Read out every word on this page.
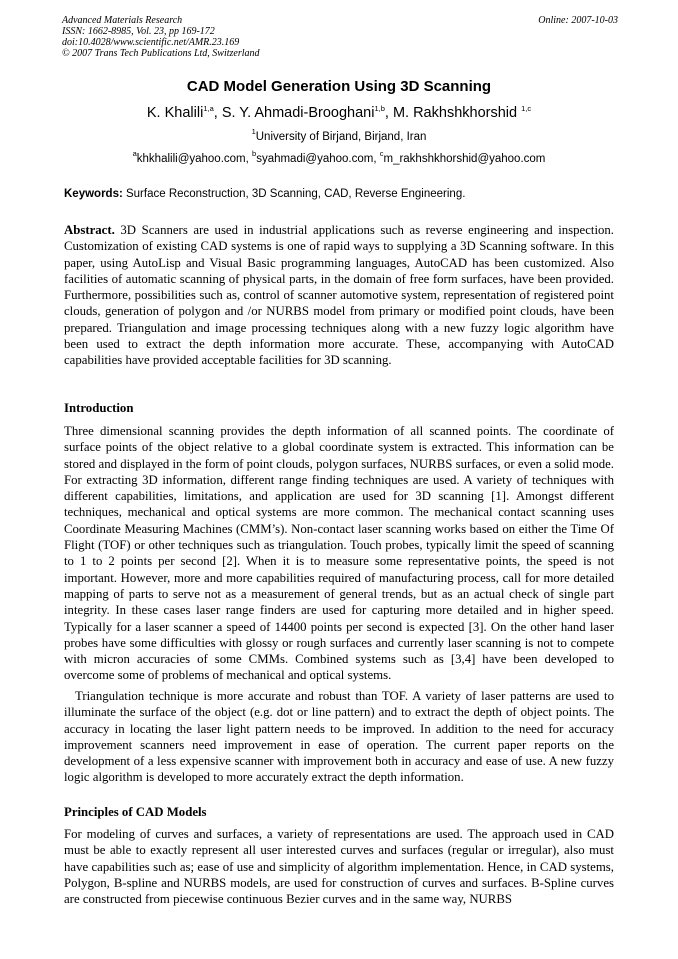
Advanced Materials Research
ISSN: 1662-8985, Vol. 23, pp 169-172
doi:10.4028/www.scientific.net/AMR.23.169
© 2007 Trans Tech Publications Ltd, Switzerland
Online: 2007-10-03
CAD Model Generation Using 3D Scanning
K. Khalili$^{1,a}$, S. Y. Ahmadi-Brooghani$^{1,b}$, M. Rakhshkhorshid $^{1,c}$
$^1$University of Birjand, Birjand, Iran
$^a$khkhalili@yahoo.com, $^b$syahmadi@yahoo.com, $^c$m_rakhshkhorshid@yahoo.com
Keywords: Surface Reconstruction, 3D Scanning, CAD, Reverse Engineering.
Abstract. 3D Scanners are used in industrial applications such as reverse engineering and inspection. Customization of existing CAD systems is one of rapid ways to supplying a 3D Scanning software. In this paper, using AutoLisp and Visual Basic programming languages, AutoCAD has been customized. Also facilities of automatic scanning of physical parts, in the domain of free form surfaces, have been provided. Furthermore, possibilities such as, control of scanner automotive system, representation of registered point clouds, generation of polygon and /or NURBS model from primary or modified point clouds, have been prepared. Triangulation and image processing techniques along with a new fuzzy logic algorithm have been used to extract the depth information more accurate. These, accompanying with AutoCAD capabilities have provided acceptable facilities for 3D scanning.
Introduction
Three dimensional scanning provides the depth information of all scanned points. The coordinate of surface points of the object relative to a global coordinate system is extracted. This information can be stored and displayed in the form of point clouds, polygon surfaces, NURBS surfaces, or even a solid mode. For extracting 3D information, different range finding techniques are used. A variety of techniques with different capabilities, limitations, and application are used for 3D scanning [1]. Amongst different techniques, mechanical and optical systems are more common. The mechanical contact scanning uses Coordinate Measuring Machines (CMM’s). Non-contact laser scanning works based on either the Time Of Flight (TOF) or other techniques such as triangulation. Touch probes, typically limit the speed of scanning to 1 to 2 points per second [2]. When it is to measure some representative points, the speed is not important. However, more and more capabilities required of manufacturing process, call for more detailed mapping of parts to serve not as a measurement of general trends, but as an actual check of single part integrity. In these cases laser range finders are used for capturing more detailed and in higher speed. Typically for a laser scanner a speed of 14400 points per second is expected [3]. On the other hand laser probes have some difficulties with glossy or rough surfaces and currently laser scanning is not to compete with micron accuracies of some CMMs. Combined systems such as [3,4] have been developed to overcome some of problems of mechanical and optical systems.
Triangulation technique is more accurate and robust than TOF. A variety of laser patterns are used to illuminate the surface of the object (e.g. dot or line pattern) and to extract the depth of object points. The accuracy in locating the laser light pattern needs to be improved. In addition to the need for accuracy improvement scanners need improvement in ease of operation. The current paper reports on the development of a less expensive scanner with improvement both in accuracy and ease of use. A new fuzzy logic algorithm is developed to more accurately extract the depth information.
Principles of CAD Models
For modeling of curves and surfaces, a variety of representations are used. The approach used in CAD must be able to exactly represent all user interested curves and surfaces (regular or irregular), also must have capabilities such as; ease of use and simplicity of algorithm implementation. Hence, in CAD systems, Polygon, B-spline and NURBS models, are used for construction of curves and surfaces. B-Spline curves are constructed from piecewise continuous Bezier curves and in the same way, NURBS
